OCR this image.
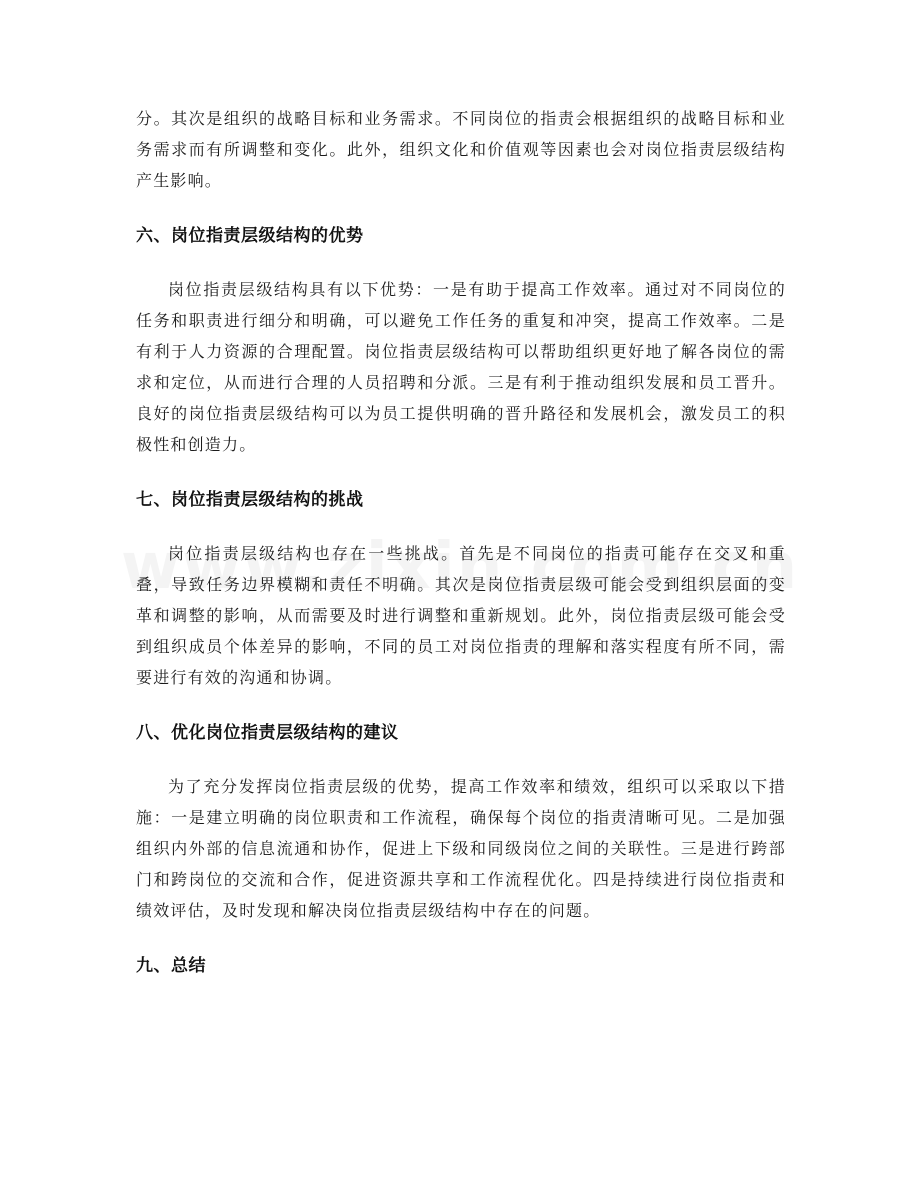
分。其次是组织的战略目标和业务需求。不同岗位的指责会根据组织的战略目标和业务需求而有所调整和变化。此外，组织文化和价值观等因素也会对岗位指责层级结构产生影响。

六、岗位指责层级结构的优势

岗位指责层级结构具有以下优势：一是有助于提高工作效率。通过对不同岗位的任务和职责进行细分和明确，可以避免工作任务的重复和冲突，提高工作效率。二是有利于人力资源的合理配置。岗位指责层级结构可以帮助组织更好地了解各岗位的需求和定位，从而进行合理的人员招聘和分派。三是有利于推动组织发展和员工晋升。良好的岗位指责层级结构可以为员工提供明确的晋升路径和发展机会，激发员工的积极性和创造力。

七、岗位指责层级结构的挑战

岗位指责层级结构也存在一些挑战。首先是不同岗位的指责可能存在交叉和重叠，导致任务边界模糊和责任不明确。其次是岗位指责层级可能会受到组织层面的变革和调整的影响，从而需要及时进行调整和重新规划。此外，岗位指责层级可能会受到组织成员个体差异的影响，不同的员工对岗位指责的理解和落实程度有所不同，需要进行有效的沟通和协调。

八、优化岗位指责层级结构的建议

为了充分发挥岗位指责层级的优势，提高工作效率和绩效，组织可以采取以下措施：一是建立明确的岗位职责和工作流程，确保每个岗位的指责清晰可见。二是加强组织内外部的信息流通和协作，促进上下级和同级岗位之间的关联性。三是进行跨部门和跨岗位的交流和合作，促进资源共享和工作流程优化。四是持续进行岗位指责和绩效评估，及时发现和解决岗位指责层级结构中存在的问题。

九、总结
